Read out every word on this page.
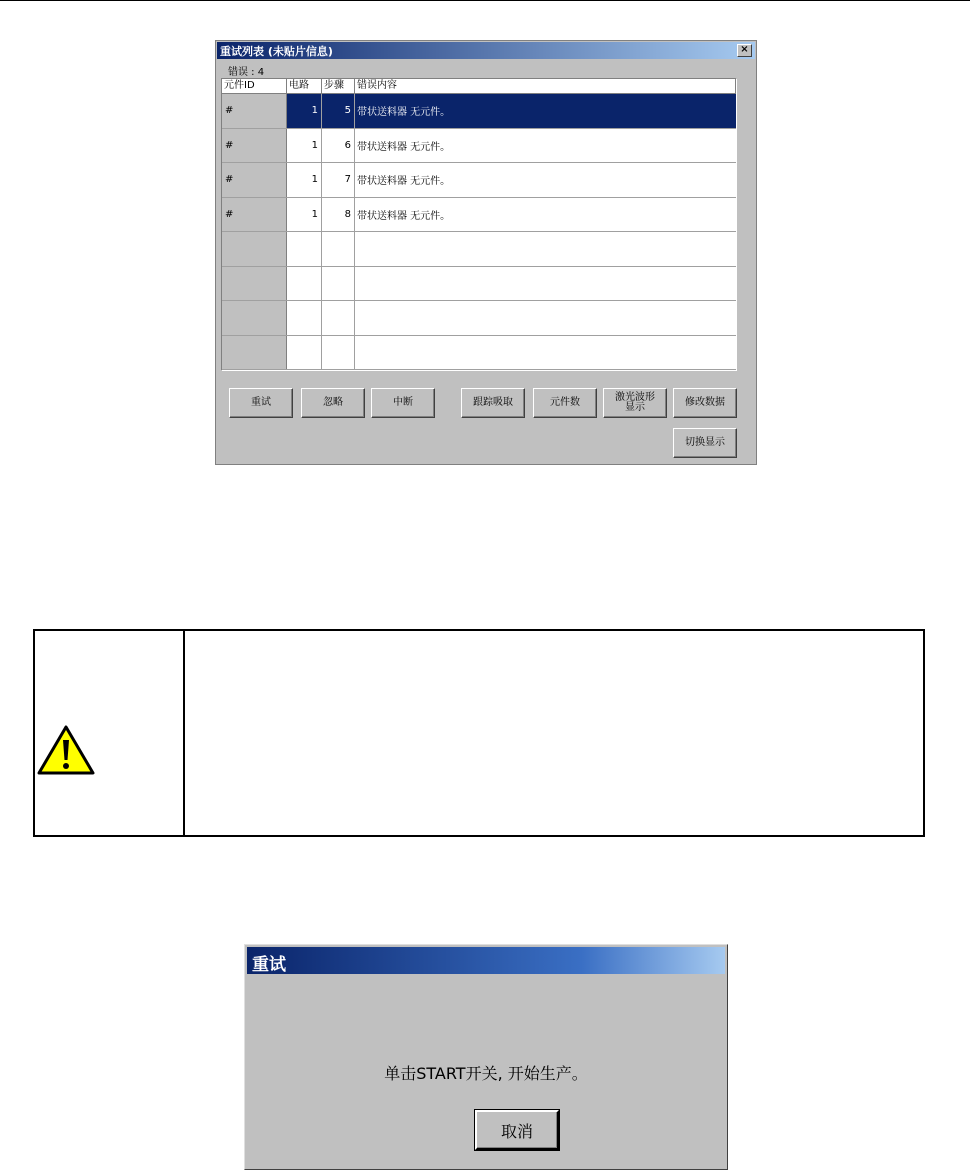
重试列表 (未贴片信息)	×
错误 : 4
元件ID	电路	步骤	错误内容
#	1	5 带状送料器 无元件。
#	1	6 带状送料器 无元件。
#	1	7 带状送料器 无元件。
#	1	8 带状送料器 无元件。
重试	忽略	中断	跟踪吸取	元件数	激光波形
显示	修改数据
切换显示
重试
单击START开关, 开始生产。
取消
